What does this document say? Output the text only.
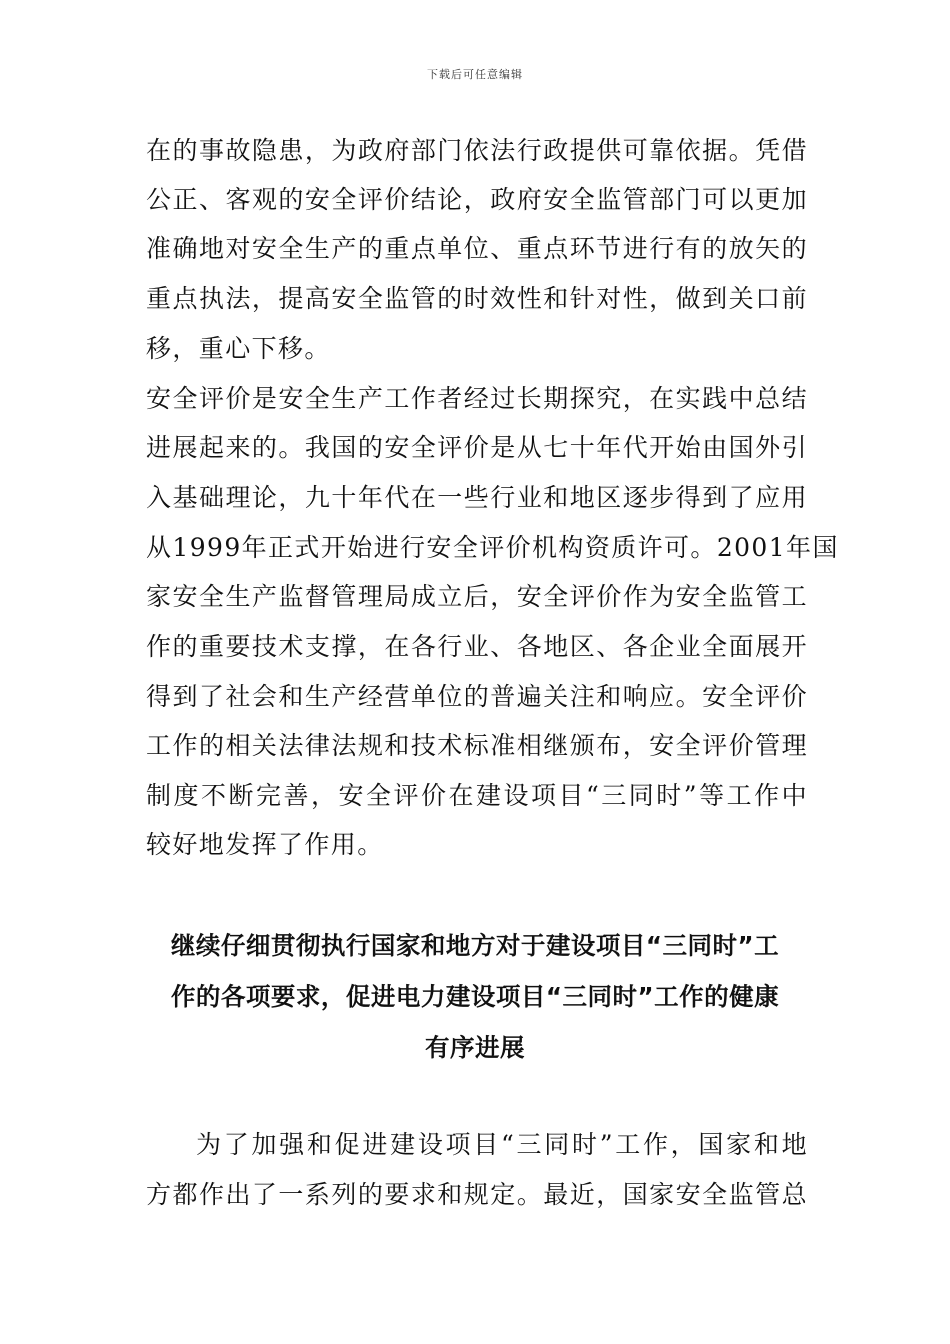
下载后可任意编辑
在的事故隐患，为政府部门依法行政提供可靠依据。凭借
公正、客观的安全评价结论，政府安全监管部门可以更加
准确地对安全生产的重点单位、重点环节进行有的放矢的
重点执法，提高安全监管的时效性和针对性，做到关口前
移，重心下移。
安全评价是安全生产工作者经过长期探究，在实践中总结
进展起来的。我国的安全评价是从七十年代开始由国外引
入基础理论，九十年代在一些行业和地区逐步得到了应用
从1999年正式开始进行安全评价机构资质许可。2001年国
家安全生产监督管理局成立后，安全评价作为安全监管工
作的重要技术支撑，在各行业、各地区、各企业全面展开
得到了社会和生产经营单位的普遍关注和响应。安全评价
工作的相关法律法规和技术标准相继颁布，安全评价管理
制度不断完善，安全评价在建设项目“三同时”等工作中
较好地发挥了作用。
继续仔细贯彻执行国家和地方对于建设项目“三同时”工
作的各项要求，促进电力建设项目“三同时”工作的健康
有序进展
为了加强和促进建设项目“三同时”工作，国家和地
方都作出了一系列的要求和规定。最近，国家安全监管总
